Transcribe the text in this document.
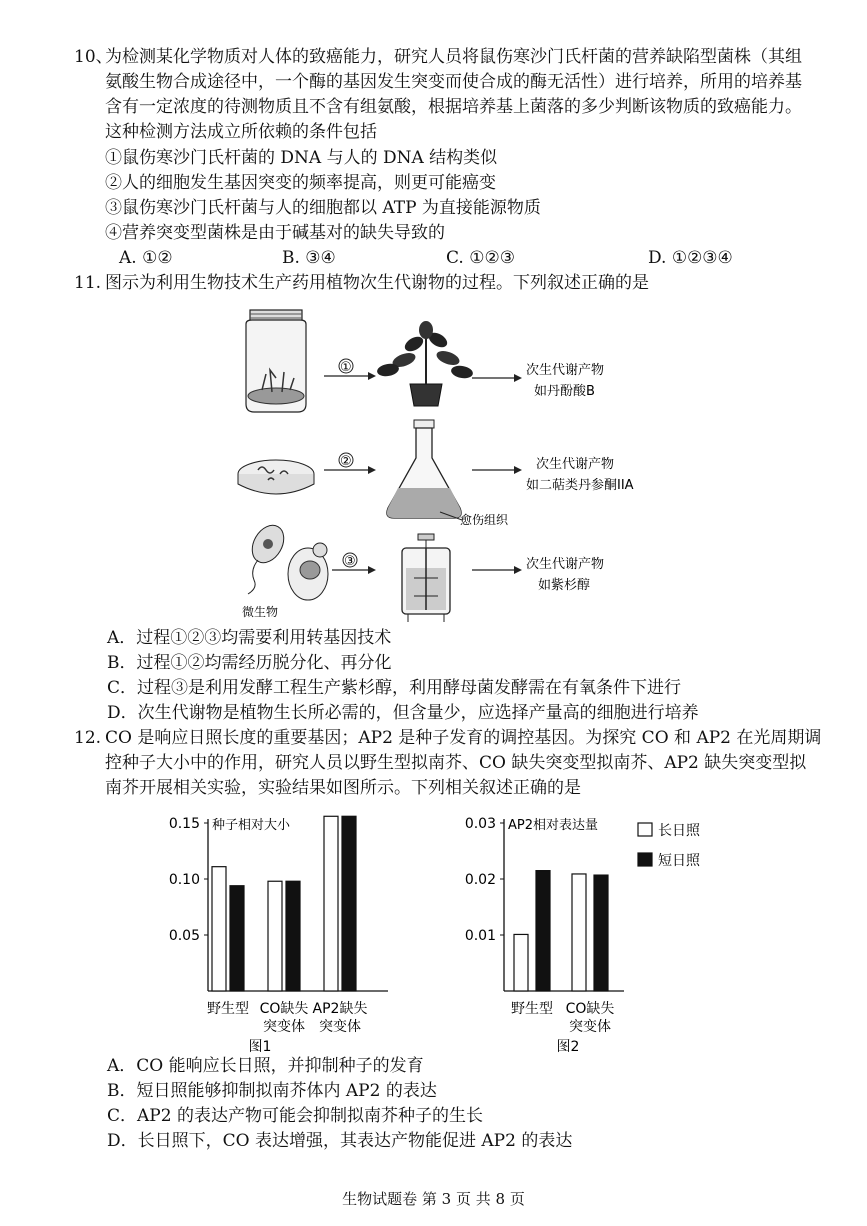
10、
为检测某化学物质对人体的致癌能力，研究人员将鼠伤寒沙门氏杆菌的营养缺陷型菌株（其组
氨酸生物合成途径中，一个酶的基因发生突变而使合成的酶无活性）进行培养，所用的培养基
含有一定浓度的待测物质且不含有组氨酸，根据培养基上菌落的多少判断该物质的致癌能力。
这种检测方法成立所依赖的条件包括
①鼠伤寒沙门氏杆菌的 DNA 与人的 DNA 结构类似
②人的细胞发生基因突变的频率提高，则更可能癌变
③鼠伤寒沙门氏杆菌与人的细胞都以 ATP 为直接能源物质
④营养突变型菌株是由于碱基对的缺失导致的
A. ①②	B. ③④	C. ①②③	D. ①②③④
11. 图示为利用生物技术生产药用植物次生代谢物的过程。下列叙述正确的是
①	次生代谢产物
如丹酚酸B
②
愈伤组织
次生代谢产物
如二萜类丹参酮IIA
微生物
③	次生代谢产物
如紫杉醇
A．过程①②③均需要利用转基因技术
B．过程①②均需经历脱分化、再分化
C．过程③是利用发酵工程生产紫杉醇，利用酵母菌发酵需在有氧条件下进行
D．次生代谢物是植物生长所必需的，但含量少，应选择产量高的细胞进行培养
12. CO 是响应日照长度的重要基因；AP2 是种子发育的调控基因。为探究 CO 和 AP2 在光周期调
控种子大小中的作用，研究人员以野生型拟南芥、CO 缺失突变型拟南芥、AP2 缺失突变型拟
南芥开展相关实验，实验结果如图所示。下列相关叙述正确的是
0.15
0.10
0.05
种子相对大小
野生型 CO缺失
突变体
AP2缺失
突变体
图1
0.03
0.02
0.01
AP2相对表达量
野生型 CO缺失
突变体
图2
长日照
短日照
A．CO 能响应长日照，并抑制种子的发育
B．短日照能够抑制拟南芥体内 AP2 的表达
C．AP2 的表达产物可能会抑制拟南芥种子的生长
D．长日照下，CO 表达增强，其表达产物能促进 AP2 的表达
生物试题卷 第 3 页 共 8 页
